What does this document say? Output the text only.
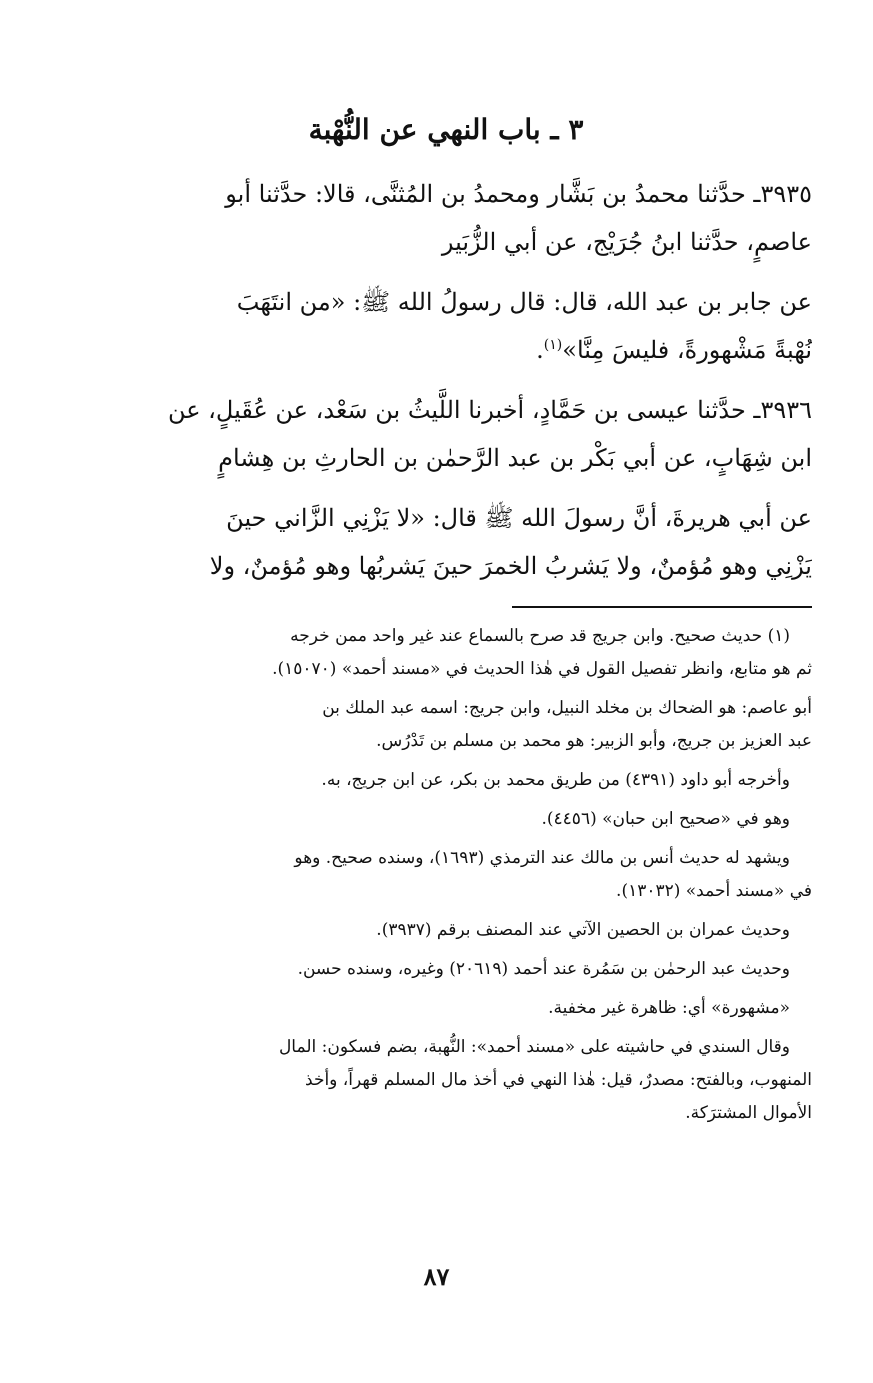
٣ ـ باب النهي عن النُّهْبة
٣٩٣٥ـ حدَّثنا محمدُ بن بَشَّار ومحمدُ بن المُثنَّى، قالا: حدَّثنا أبو
عاصمٍ، حدَّثنا ابنُ جُرَيْج، عن أبي الزُّبَير
عن جابر بن عبد الله، قال: قال رسولُ الله ﷺ: «من انتَهَبَ
نُهْبةً مَشْهورةً، فليسَ مِنَّا»$^{(١)}$.
٣٩٣٦ـ حدَّثنا عيسى بن حَمَّادٍ، أخبرنا اللَّيثُ بن سَعْد، عن عُقَيلٍ، عن
ابن شِهَابٍ، عن أبي بَكْر بن عبد الرَّحمٰن بن الحارثِ بن هِشامٍ
عن أبي هريرةَ، أنَّ رسولَ الله ﷺ قال: «لا يَزْنِي الزَّاني حينَ
يَزْنِي وهو مُؤمنٌ، ولا يَشربُ الخمرَ حينَ يَشربُها وهو مُؤمنٌ، ولا
(١) حديث صحيح. وابن جريج قد صرح بالسماع عند غير واحد ممن خرجه
ثم هو متابع، وانظر تفصيل القول في هٰذا الحديث في «مسند أحمد» (١٥٠٧٠).
أبو عاصم: هو الضحاك بن مخلد النبيل، وابن جريج: اسمه عبد الملك بن
عبد العزيز بن جريج، وأبو الزبير: هو محمد بن مسلم بن تَدْرُس.
وأخرجه أبو داود (٤٣٩١) من طريق محمد بن بكر، عن ابن جريج، به.
وهو في «صحيح ابن حبان» (٤٤٥٦).
ويشهد له حديث أنس بن مالك عند الترمذي (١٦٩٣)، وسنده صحيح. وهو
في «مسند أحمد» (١٣٠٣٢).
وحديث عمران بن الحصين الآتي عند المصنف برقم (٣٩٣٧).
وحديث عبد الرحمٰن بن سَمُرة عند أحمد (٢٠٦١٩) وغيره، وسنده حسن.
«مشهورة» أي: ظاهرة غير مخفية.
وقال السندي في حاشيته على «مسند أحمد»: النُّهبة، بضم فسكون: المال
المنهوب، وبالفتح: مصدرٌ، قيل: هٰذا النهي في أخذ مال المسلم قهراً، وأخذ
الأموال المشترَكة.
٨٧
